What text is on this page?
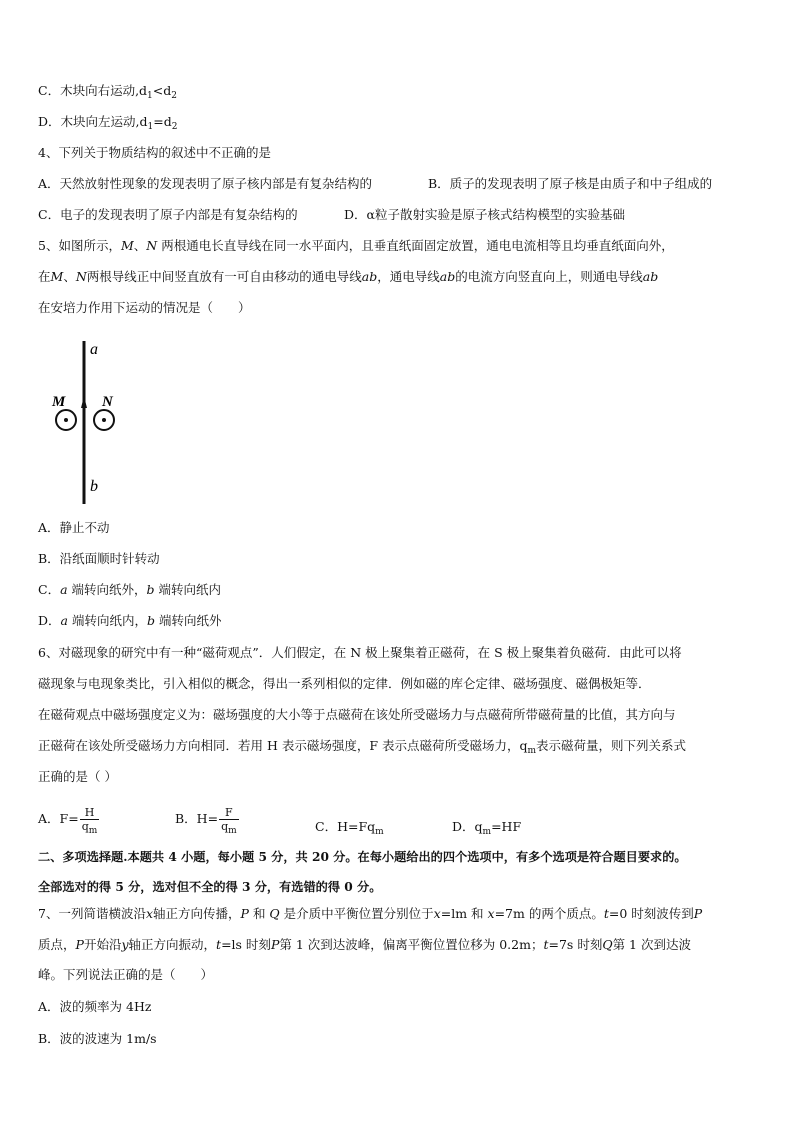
C．木块向右运动$,d_1<d_2$
D．木块向左运动$,d_1=d_2$
4、下列关于物质结构的叙述中不正确的是
A．天然放射性现象的发现表明了原子核内部是有复杂结构的	B．质子的发现表明了原子核是由质子和中子组成的
C．电子的发现表明了原子内部是有复杂结构的	D．α粒子散射实验是原子核式结构模型的实验基础
5、如图所示，M、N 两根通电长直导线在同一水平面内，且垂直纸面固定放置，通电电流相等且均垂直纸面向外，
在M、N两根导线正中间竖直放有一可自由移动的通电导线ab，通电导线ab的电流方向竖直向上，则通电导线ab
在安培力作用下运动的情况是（　　）
a
b
M N
A．静止不动
B．沿纸面顺时针转动
C．a 端转向纸外，b 端转向纸内
D．a 端转向纸内，b 端转向纸外
6、对磁现象的研究中有一种“磁荷观点”．人们假定，在 N 极上聚集着正磁荷，在 S 极上聚集着负磁荷．由此可以将
磁现象与电现象类比，引入相似的概念，得出一系列相似的定律．例如磁的库仑定律、磁场强度、磁偶极矩等．
在磁荷观点中磁场强度定义为：磁场强度的大小等于点磁荷在该处所受磁场力与点磁荷所带磁荷量的比值，其方向与
正磁荷在该处所受磁场力方向相同．若用 H 表示磁场强度，F 表示点磁荷所受磁场力，$q_m$表示磁荷量，则下列关系式
正确的是（ ）
A．$F= \frac{H}{q_m}$	B．$H= \frac{F}{q_m}$	C．$H=Fq_m$	D．$q_m=HF$
二、多项选择题.本题共 4 小题，每小题 5 分，共 20 分。在每小题给出的四个选项中，有多个选项是符合题目要求的。
全部选对的得 5 分，选对但不全的得 3 分，有选错的得 0 分。
7、一列简谐横波沿x轴正方向传播，P 和 Q 是介质中平衡位置分别位于x=lm 和 x=7m 的两个质点。t=0 时刻波传到P
质点，P开始沿y轴正方向振动，t=ls 时刻P第 1 次到达波峰，偏离平衡位置位移为 0.2m；t=7s 时刻Q第 1 次到达波
峰。下列说法正确的是（　　）
A．波的频率为 4Hz
B．波的波速为 1m/s
